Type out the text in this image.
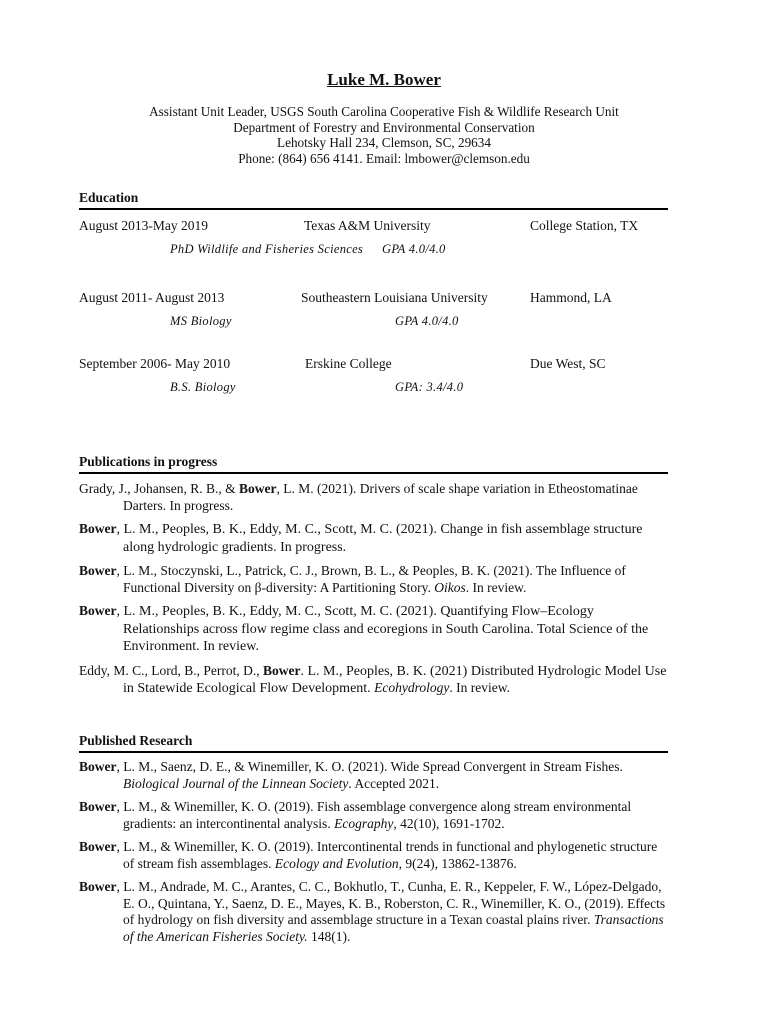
Luke M. Bower
Assistant Unit Leader, USGS South Carolina Cooperative Fish & Wildlife Research Unit
Department of Forestry and Environmental Conservation
Lehotsky Hall 234, Clemson, SC, 29634
Phone: (864) 656 4141. Email: lmbower@clemson.edu
Education
August 2013-May 2019	Texas A&M University	College Station, TX
PhD Wildlife and Fisheries Sciences GPA 4.0/4.0
August 2011- August 2013	Southeastern Louisiana University	Hammond, LA
MS Biology	GPA 4.0/4.0
September 2006- May 2010	Erskine College	Due West, SC
B.S. Biology	GPA: 3.4/4.0
Publications in progress

Grady, J., Johansen, R. B., & Bower, L. M. (2021). Drivers of scale shape variation in Etheostomatinae Darters. In progress.

Bower, L. M., Peoples, B. K., Eddy, M. C., Scott, M. C. (2021). Change in fish assemblage structure along hydrologic gradients. In progress.

Bower, L. M., Stoczynski, L., Patrick, C. J., Brown, B. L., & Peoples, B. K. (2021). The Influence of Functional Diversity on β-diversity: A Partitioning Story. Oikos. In review.

Bower, L. M., Peoples, B. K., Eddy, M. C., Scott, M. C. (2021). Quantifying Flow–Ecology Relationships across flow regime class and ecoregions in South Carolina. Total Science of the Environment. In review.

Eddy, M. C., Lord, B., Perrot, D., Bower. L. M., Peoples, B. K. (2021) Distributed Hydrologic Model Use in Statewide Ecological Flow Development. Ecohydrology. In review.

Published Research

Bower, L. M., Saenz, D. E., & Winemiller, K. O. (2021). Wide Spread Convergent in Stream Fishes. Biological Journal of the Linnean Society. Accepted 2021.

Bower, L. M., & Winemiller, K. O. (2019). Fish assemblage convergence along stream environmental gradients: an intercontinental analysis. Ecography, 42(10), 1691-1702.

Bower, L. M., & Winemiller, K. O. (2019). Intercontinental trends in functional and phylogenetic structure of stream fish assemblages. Ecology and Evolution, 9(24), 13862-13876.

Bower, L. M., Andrade, M. C., Arantes, C. C., Bokhutlo, T., Cunha, E. R., Keppeler, F. W., López-Delgado, E. O., Quintana, Y., Saenz, D. E., Mayes, K. B., Roberston, C. R., Winemiller, K. O., (2019). Effects of hydrology on fish diversity and assemblage structure in a Texan coastal plains river. Transactions of the American Fisheries Society. 148(1).
